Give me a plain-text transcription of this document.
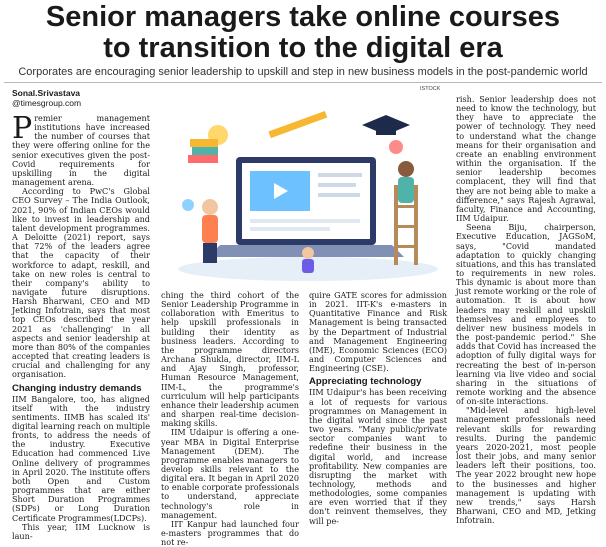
Senior managers take online courses
to transition to the digital era

Corporates are encouraging senior leadership to upskill and step in new business models in the post-pandemic world

Sonal.Srivastava

@timesgroup.com

Premier management institutions have increased the number of courses that they were offering online for the senior executives given the post-Covid requirements for upskilling in the digital management arena.

According to PwC's Global CEO Survey – The India Outlook, 2021, 90% of Indian CEOs would like to invest in leadership and talent development programmes. A Deloitte (2021) report, says that 72% of the leaders agree that the capacity of their workforce to adapt, reskill, and take on new roles is central to their company's ability to navigate future disruptions. Harsh Bharwani, CEO and MD Jetking Infotrain, says that most top CEOs described the year 2021 as 'challenging' in all aspects and senior leadership at more than 80% of the companies accepted that creating leaders is crucial and challenging for any organisation.

Changing industry demands

IIM Bangalore, too, has aligned itself with the industry sentiments. IIMB has scaled its' digital learning reach on multiple fronts, to address the needs of the industry. Executive Education had commenced Live Online delivery of programmes in April 2020. The institute offers both Open and Custom programmes that are either Short Duration Programmes (SDPs) or Long Duration Certificate Programmes(LDCPs).

This year, IIM Lucknow is laun-

ISTOCK

ching the third cohort of the Senior Leadership Programme in collaboration with Emeritus to help upskill professionals in building their identity as business leaders. According to the programme directors Archana Shukla, director, IIM-L and Ajay Singh, professor, Human Resource Management, IIM-L, the programme's curriculum will help participants enhance their leadership acumen and sharpen real-time decision-making skills.

IIM Udaipur is offering a one-year MBA in Digital Enterprise Management (DEM). The programme enables managers to develop skills relevant to the digital era. It began in April 2020 to enable corporate professionals to understand, appreciate technology's role in management.

IIT Kanpur had launched four e-masters programmes that do not re-

quire GATE scores for admission in 2021. IIT-K's e-masters in Quantitative Finance and Risk Management is being transacted by the Department of Industrial and Management Engineering (IME), Economic Sciences (ECO) and Computer Sciences and Engineering (CSE).

Appreciating technology

IIM Udaipur's has been receiving a lot of requests for various programmes on Management in the digital world since the past two years. "Many public/private sector companies want to redefine their business in the digital world, and increase profitability. New companies are disrupting the market with technology, methods and methodologies, some companies are even worried that if they don't reinvent themselves, they will pe-

rish. Senior leadership does not need to know the technology, but they have to appreciate the power of technology. They need to understand what the change means for their organisation and create an enabling environment within the organisation. If the senior leadership becomes complacent, they will find that they are not being able to make a difference," says Rajesh Agrawal, faculty, Finance and Accounting, IIM Udaipur.

Seena Biju, chairperson, Executive Education, JAGSoM, says, "Covid mandated adaptation to quickly changing situations, and this has translated to requirements in new roles. This dynamic is about more than just remote working or the role of automation. It is about how leaders may reskill and upskill themselves and employees to deliver new business models in the post-pandemic period." She adds that Covid has increased the adoption of fully digital ways for recreating the best of in-person learning via live video and social sharing in the situations of remote working and the absence of on-site interactions.

"Mid-level and high-level management professionals need relevant skills for rewarding results. During the pandemic years 2020-2021, most people lost their jobs, and many senior leaders left their positions, too. The year 2022 brought new hope to the businesses and higher management is updating with new trends," says Harsh Bharwani, CEO and MD, Jetking Infotrain.
